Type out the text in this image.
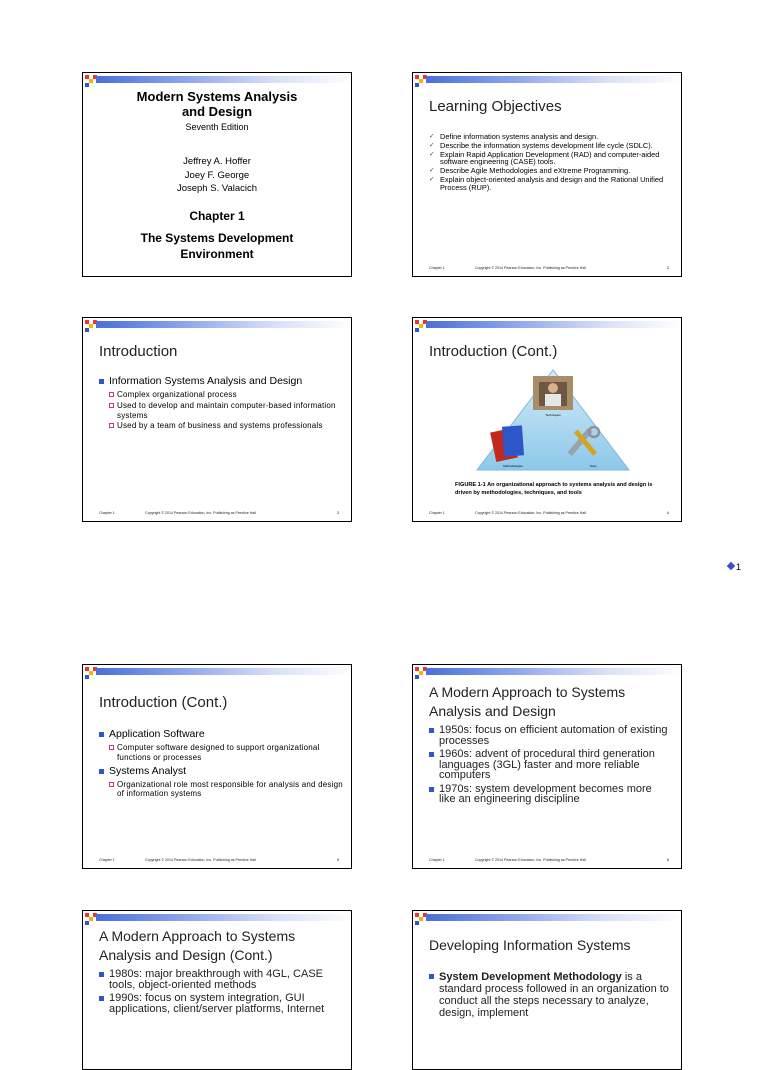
Modern Systems Analysis
and Design
Seventh Edition
Jeffrey A. Hoffer
Joey F. George
Joseph S. Valacich
Chapter 1
The Systems Development
Environment
Learning Objectives
✓ Define information systems analysis and design.
✓ Describe the information systems development life cycle (SDLC).
✓ Explain Rapid Application Development (RAD) and computer-aided software engineering (CASE) tools.
✓ Describe Agile Methodologies and eXtreme Programming.
✓ Explain object-oriented analysis and design and the Rational Unified Process (RUP).
Chapter 1	Copyright © 2014 Pearson Education, Inc. Publishing as Prentice Hall	2
Introduction
Information Systems Analysis and Design
Complex organizational process
Used to develop and maintain computer-based information systems
Used by a team of business and systems professionals
Chapter 1	Copyright © 2014 Pearson Education, Inc. Publishing as Prentice Hall	3
Introduction (Cont.)
Techniques
Methodologies	Tools
FIGURE 1-1 An organizational approach to systems analysis and design is driven by methodologies, techniques, and tools
Chapter 1	Copyright © 2014 Pearson Education, Inc. Publishing as Prentice Hall	4
1
Introduction (Cont.)
Application Software
Computer software designed to support organizational functions or processes
Systems Analyst
Organizational role most responsible for analysis and design of information systems
Chapter 1	Copyright © 2014 Pearson Education, Inc. Publishing as Prentice Hall	5
A Modern Approach to Systems
Analysis and Design
1950s: focus on efficient automation of existing processes
1960s: advent of procedural third generation languages (3GL) faster and more reliable computers
1970s: system development becomes more like an engineering discipline
Chapter 1	Copyright © 2014 Pearson Education, Inc. Publishing as Prentice Hall	6
A Modern Approach to Systems
Analysis and Design (Cont.)
1980s: major breakthrough with 4GL, CASE tools, object-oriented methods
1990s: focus on system integration, GUI applications, client/server platforms, Internet
Developing Information Systems
System Development Methodology is a standard process followed in an organization to conduct all the steps necessary to analyze, design, implement
